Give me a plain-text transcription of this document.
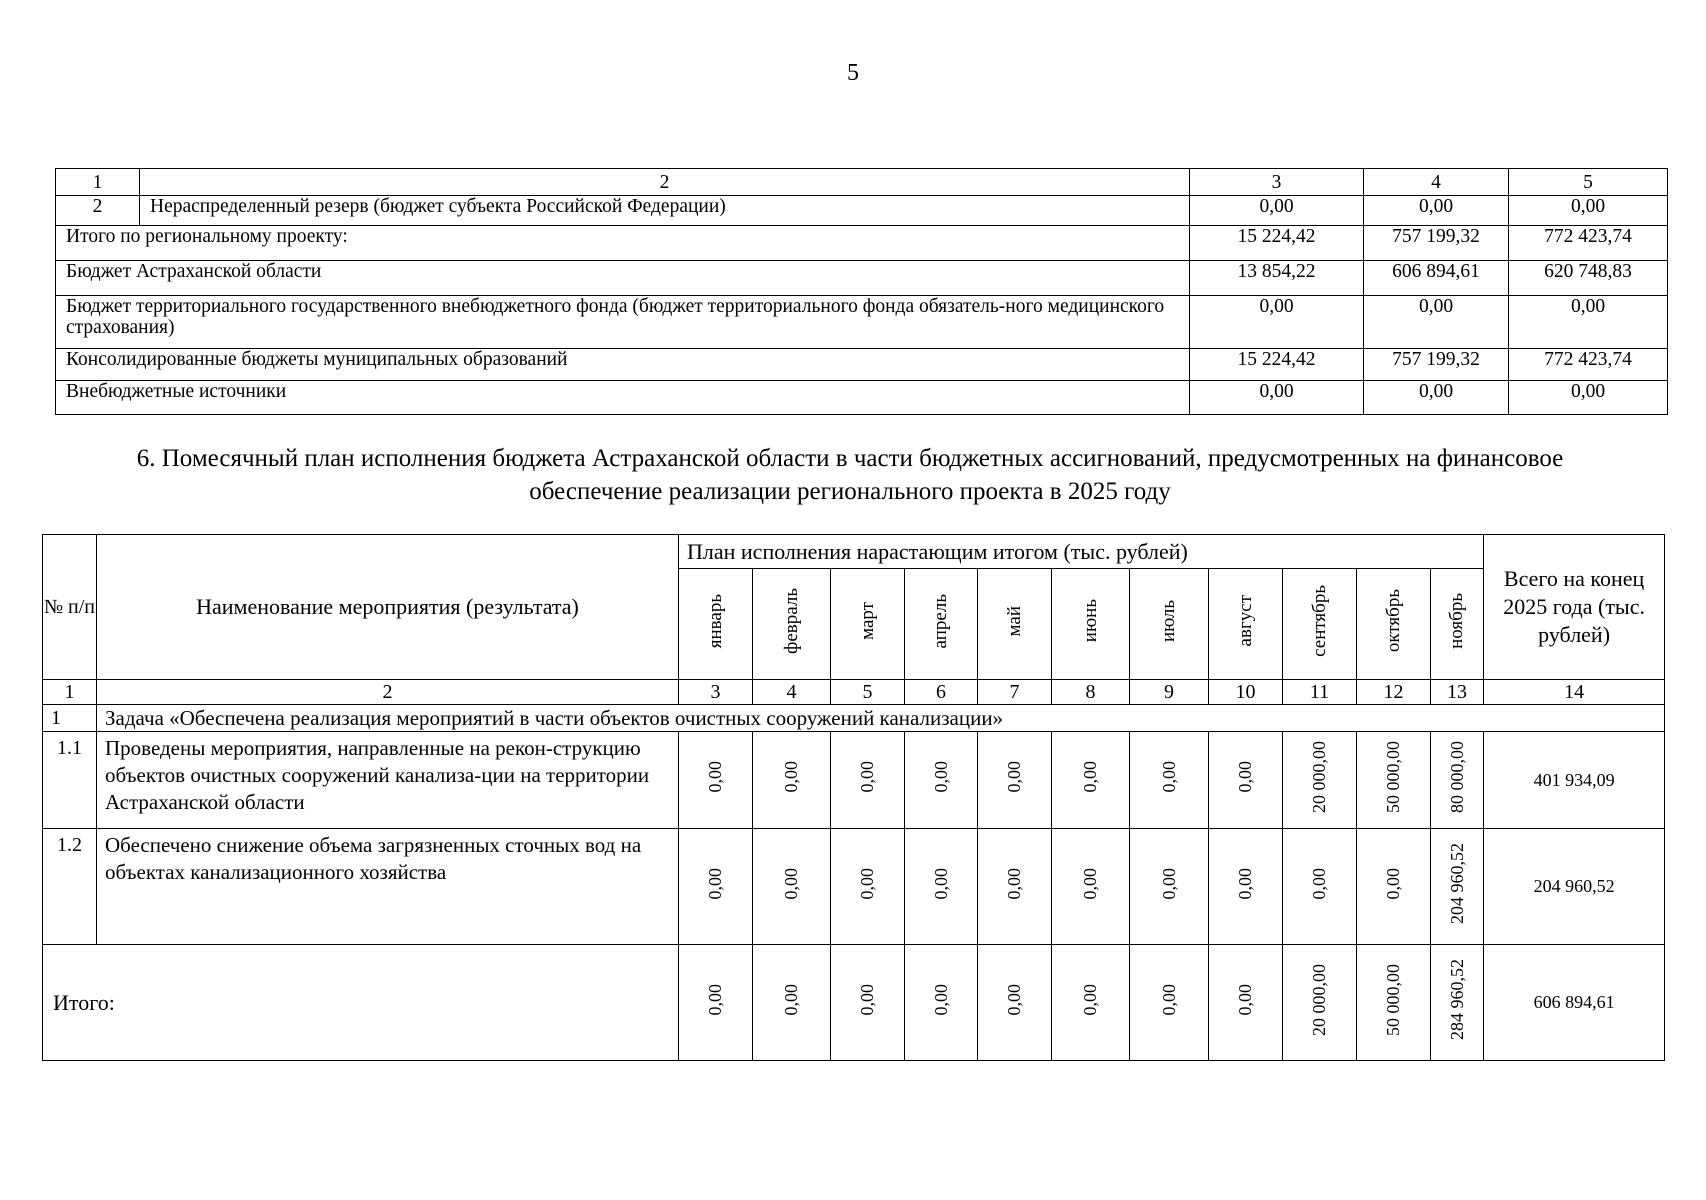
5
1	2	3	4	5
2	Нераспределенный резерв (бюджет субъекта Российской Федерации)	0,00	0,00	0,00
Итого по региональному проекту:		15 224,42	757 199,32	772 423,74
Бюджет Астраханской области		13 854,22	606 894,61	620 748,83
Бюджет территориального государственного внебюджетного фонда (бюджет территориального фонда обязатель-ного медицинского страхования)		0,00	0,00	0,00
Консолидированные бюджеты муниципальных образований		15 224,42	757 199,32	772 423,74
Внебюджетные источники		0,00	0,00	0,00
6. Помесячный план исполнения бюджета Астраханской области в части бюджетных ассигнований, предусмотренных на финансовое обеспечение реализации регионального проекта в 2025 году
№ п/п	Наименование мероприятия (результата)	План исполнения нарастающим итогом (тыс. рублей)											Всего на конец 2025 года (тыс. рублей)
		январь	февраль	март	апрель	май	июнь	июль	август	сентябрь	октябрь	ноябрь	
1	2	3	4	5	6	7	8	9	10	11	12	13	14
1	Задача «Обеспечена реализация мероприятий в части объектов очистных сооружений канализации»												
1.1	Проведены мероприятия, направленные на рекон-струкцию объектов очистных сооружений канализа-ции на территории Астраханской области	0,00	0,00	0,00	0,00	0,00	0,00	0,00	0,00	20 000,00	50 000,00	80 000,00	401 934,09
1.2	Обеспечено снижение объема загрязненных сточных вод на объектах канализационного хозяйства	0,00	0,00	0,00	0,00	0,00	0,00	0,00	0,00	0,00	0,00	204 960,52	204 960,52
Итого:		0,00	0,00	0,00	0,00	0,00	0,00	0,00	0,00	20 000,00	50 000,00	284 960,52	606 894,61
